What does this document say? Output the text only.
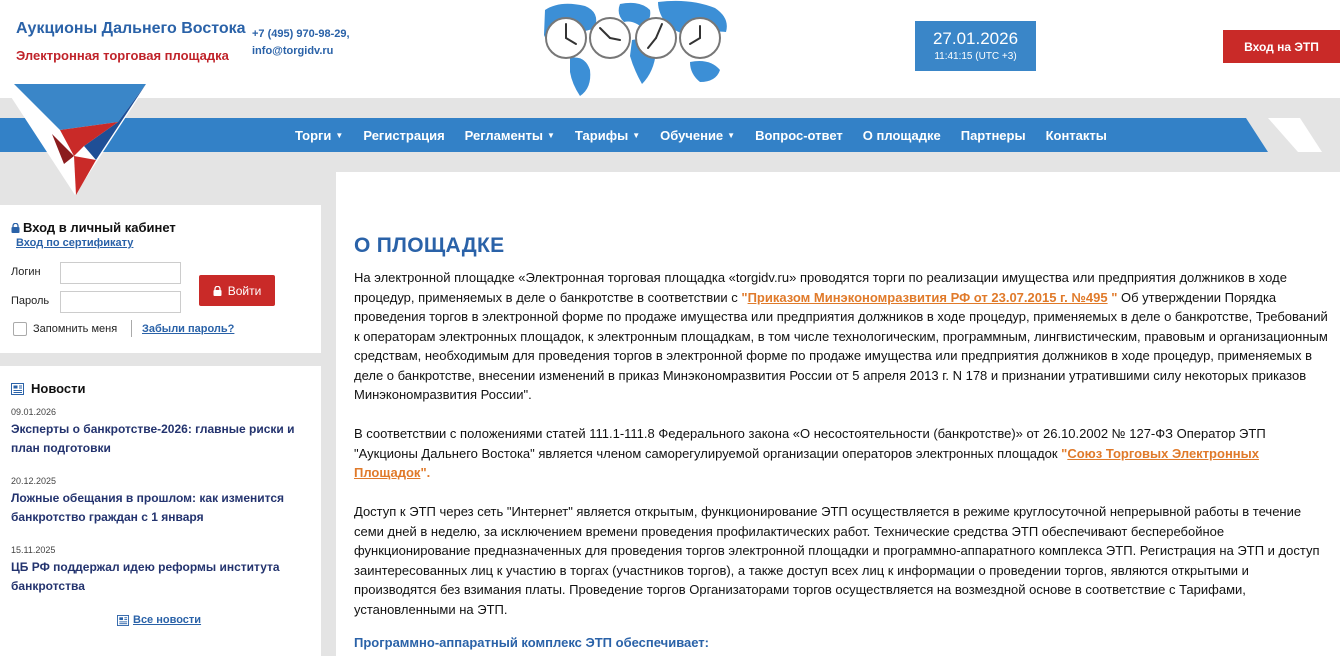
Аукционы Дальнего Востока
Электронная торговая площадка
+7 (495) 970-98-29,
info@torgidv.ru
27.01.2026
11:41:15 (UTC +3)
Вход на ЭТП
Торги ▼ Регистрация Регламенты ▼ Тарифы ▼ Обучение ▼ Вопрос-ответ О площадке Партнеры Контакты
Вход в личный кабинет
Вход по сертификату
Логин
Пароль
Войти
Запомнить меня Забыли пароль?
Новости
09.01.2026
Эксперты о банкротстве-2026: главные риски и план подготовки
20.12.2025
Ложные обещания в прошлом: как изменится банкротство граждан с 1 января
15.11.2025
ЦБ РФ поддержал идею реформы института банкротства
Все новости
О ПЛОЩАДКЕ

На электронной площадке «Электронная торговая площадка «torgidv.ru» проводятся торги по реализации имущества или предприятия должников в ходе процедур, применяемых в деле о банкротстве в соответствии с "Приказом Минэкономразвития РФ от 23.07.2015 г. №495 " Об утверждении Порядка проведения торгов в электронной форме по продаже имущества или предприятия должников в ходе процедур, применяемых в деле о банкротстве, Требований к операторам электронных площадок, к электронным площадкам, в том числе технологическим, программным, лингвистическим, правовым и организационным средствам, необходимым для проведения торгов в электронной форме по продаже имущества или предприятия должников в ходе процедур, применяемых в деле о банкротстве, внесении изменений в приказ Минэкономразвития России от 5 апреля 2013 г. N 178 и признании утратившими силу некоторых приказов Минэкономразвития России".

В соответствии с положениями статей 111.1-111.8 Федерального закона «О несостоятельности (банкротстве)» от 26.10.2002 № 127-ФЗ Оператор ЭТП "Аукционы Дальнего Востока" является членом саморегулируемой организации операторов электронных площадок "Союз Торговых Электронных Площадок".

Доступ к ЭТП через сеть "Интернет" является открытым, функционирование ЭТП осуществляется в режиме круглосуточной непрерывной работы в течение семи дней в неделю, за исключением времени проведения профилактических работ. Технические средства ЭТП обеспечивают бесперебойное функционирование предназначенных для проведения торгов электронной площадки и программно-аппаратного комплекса ЭТП. Регистрация на ЭТП и доступ заинтересованных лиц к участию в торгах (участников торгов), а также доступ всех лиц к информации о проведении торгов, являются открытыми и производятся без взимания платы. Проведение торгов Организаторами торгов осуществляется на возмездной основе в соответствие с Тарифами, установленными на ЭТП.

Программно-аппаратный комплекс ЭТП обеспечивает:
